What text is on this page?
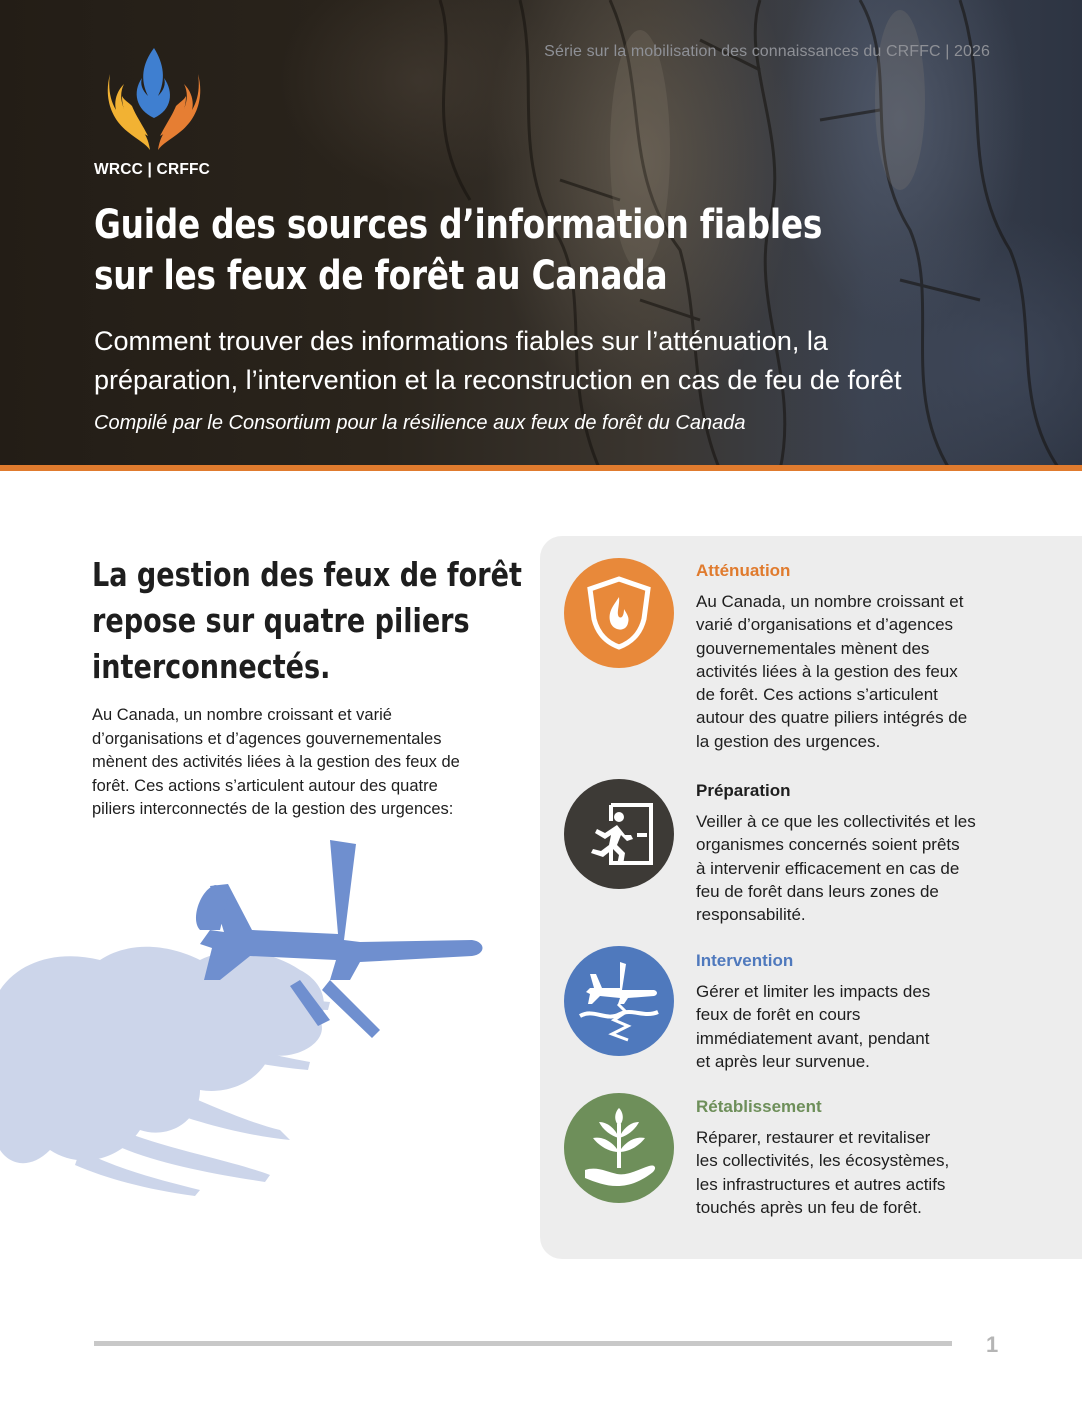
Série sur la mobilisation des connaissances du CRFFC | 2026
WRCC | CRFFC
Guide des sources d’information fiables
sur les feux de forêt au Canada
Comment trouver des informations fiables sur l’atténuation, la
préparation, l’intervention et la reconstruction en cas de feu de forêt
Compilé par le Consortium pour la résilience aux feux de forêt du Canada
La gestion des feux de forêt
repose sur quatre piliers
interconnectés.
Au Canada, un nombre croissant et varié
d’organisations et d’agences gouvernementales
mènent des activités liées à la gestion des feux de
forêt. Ces actions s’articulent autour des quatre
piliers interconnectés de la gestion des urgences:
Atténuation
Au Canada, un nombre croissant et
varié d’organisations et d’agences
gouvernementales mènent des
activités liées à la gestion des feux
de forêt. Ces actions s’articulent
autour des quatre piliers intégrés de
la gestion des urgences.
Préparation
Veiller à ce que les collectivités et les
organismes concernés soient prêts
à intervenir efficacement en cas de
feu de forêt dans leurs zones de
responsabilité.
Intervention
Gérer et limiter les impacts des
feux de forêt en cours
immédiatement avant, pendant
et après leur survenue.
Rétablissement
Réparer, restaurer et revitaliser
les collectivités, les écosystèmes,
les infrastructures et autres actifs
touchés après un feu de forêt.
1
